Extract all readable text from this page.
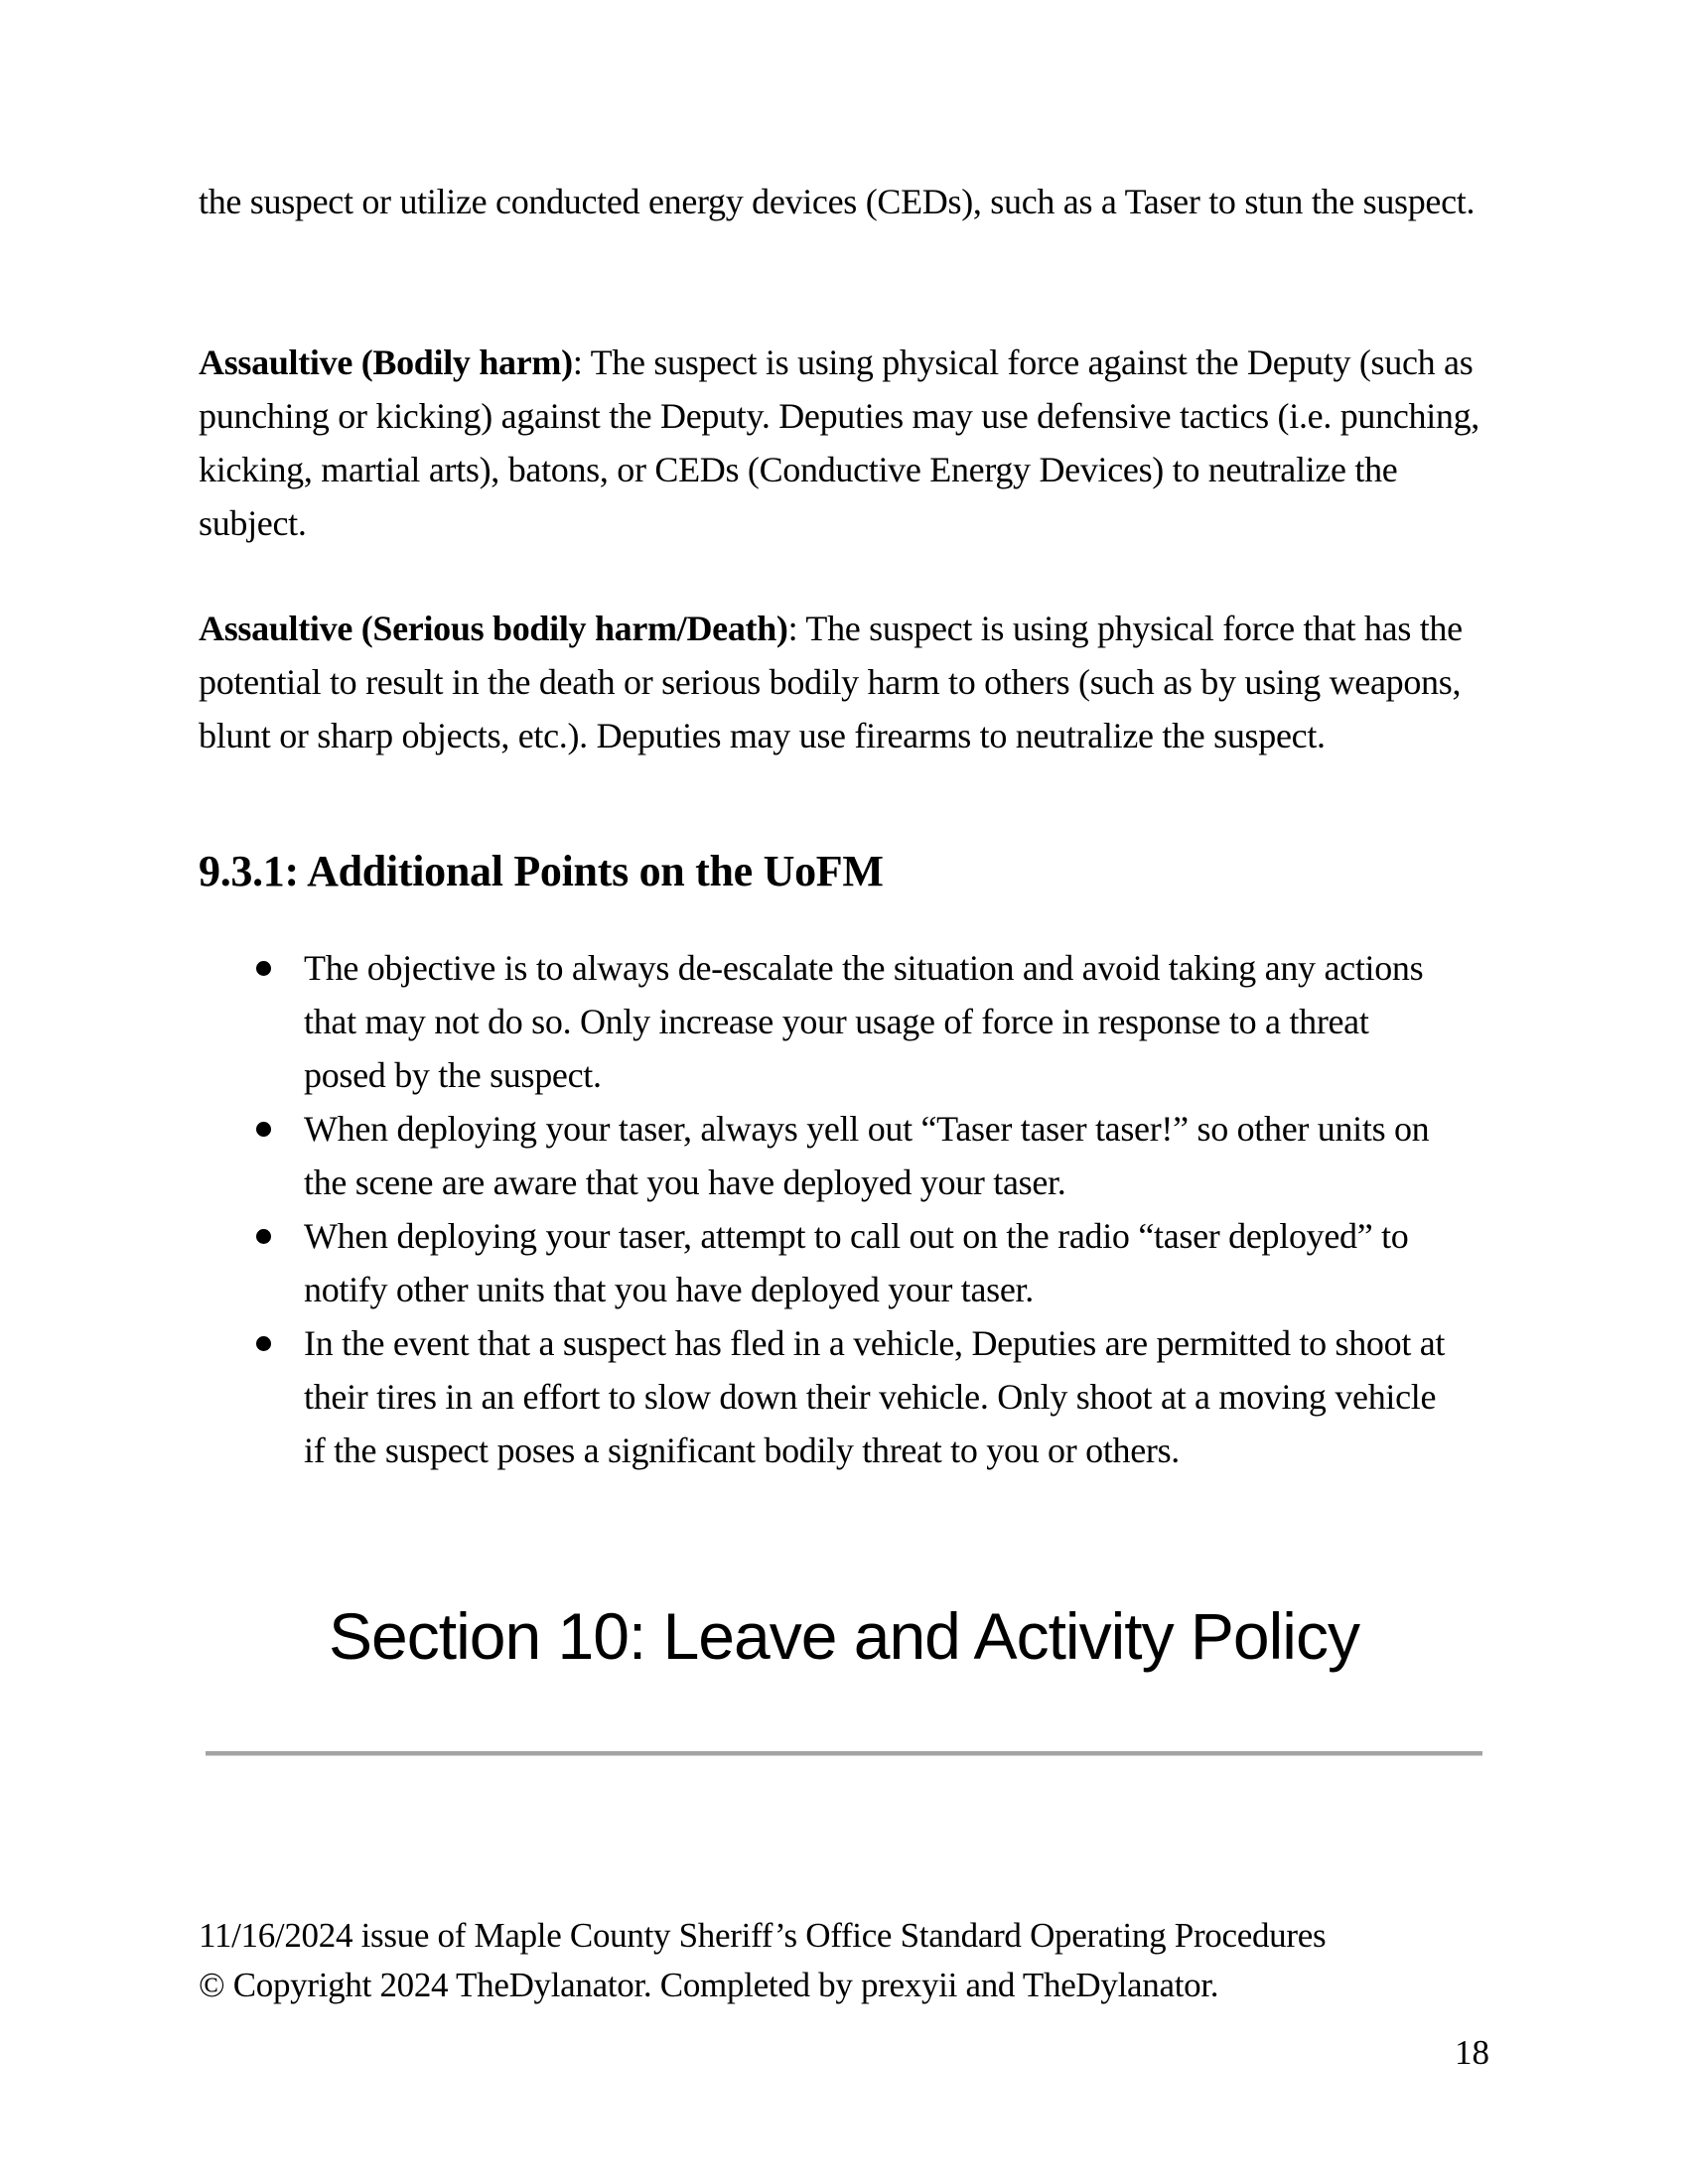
the suspect or utilize conducted energy devices (CEDs), such as a Taser to stun the suspect.

Assaultive (Bodily harm): The suspect is using physical force against the Deputy (such as punching or kicking) against the Deputy. Deputies may use defensive tactics (i.e. punching, kicking, martial arts), batons, or CEDs (Conductive Energy Devices) to neutralize the subject.

Assaultive (Serious bodily harm/Death): The suspect is using physical force that has the potential to result in the death or serious bodily harm to others (such as by using weapons, blunt or sharp objects, etc.). Deputies may use firearms to neutralize the suspect.

9.3.1: Additional Points on the UoFM
The objective is to always de-escalate the situation and avoid taking any actions that may not do so. Only increase your usage of force in response to a threat posed by the suspect.
When deploying your taser, always yell out “Taser taser taser!” so other units on the scene are aware that you have deployed your taser.
When deploying your taser, attempt to call out on the radio “taser deployed” to notify other units that you have deployed your taser.
In the event that a suspect has fled in a vehicle, Deputies are permitted to shoot at their tires in an effort to slow down their vehicle. Only shoot at a moving vehicle if the suspect poses a significant bodily threat to you or others.
Section 10: Leave and Activity Policy

11/16/2024 issue of Maple County Sheriff’s Office Standard Operating Procedures

© Copyright 2024 TheDylanator. Completed by prexyii and TheDylanator.

18
